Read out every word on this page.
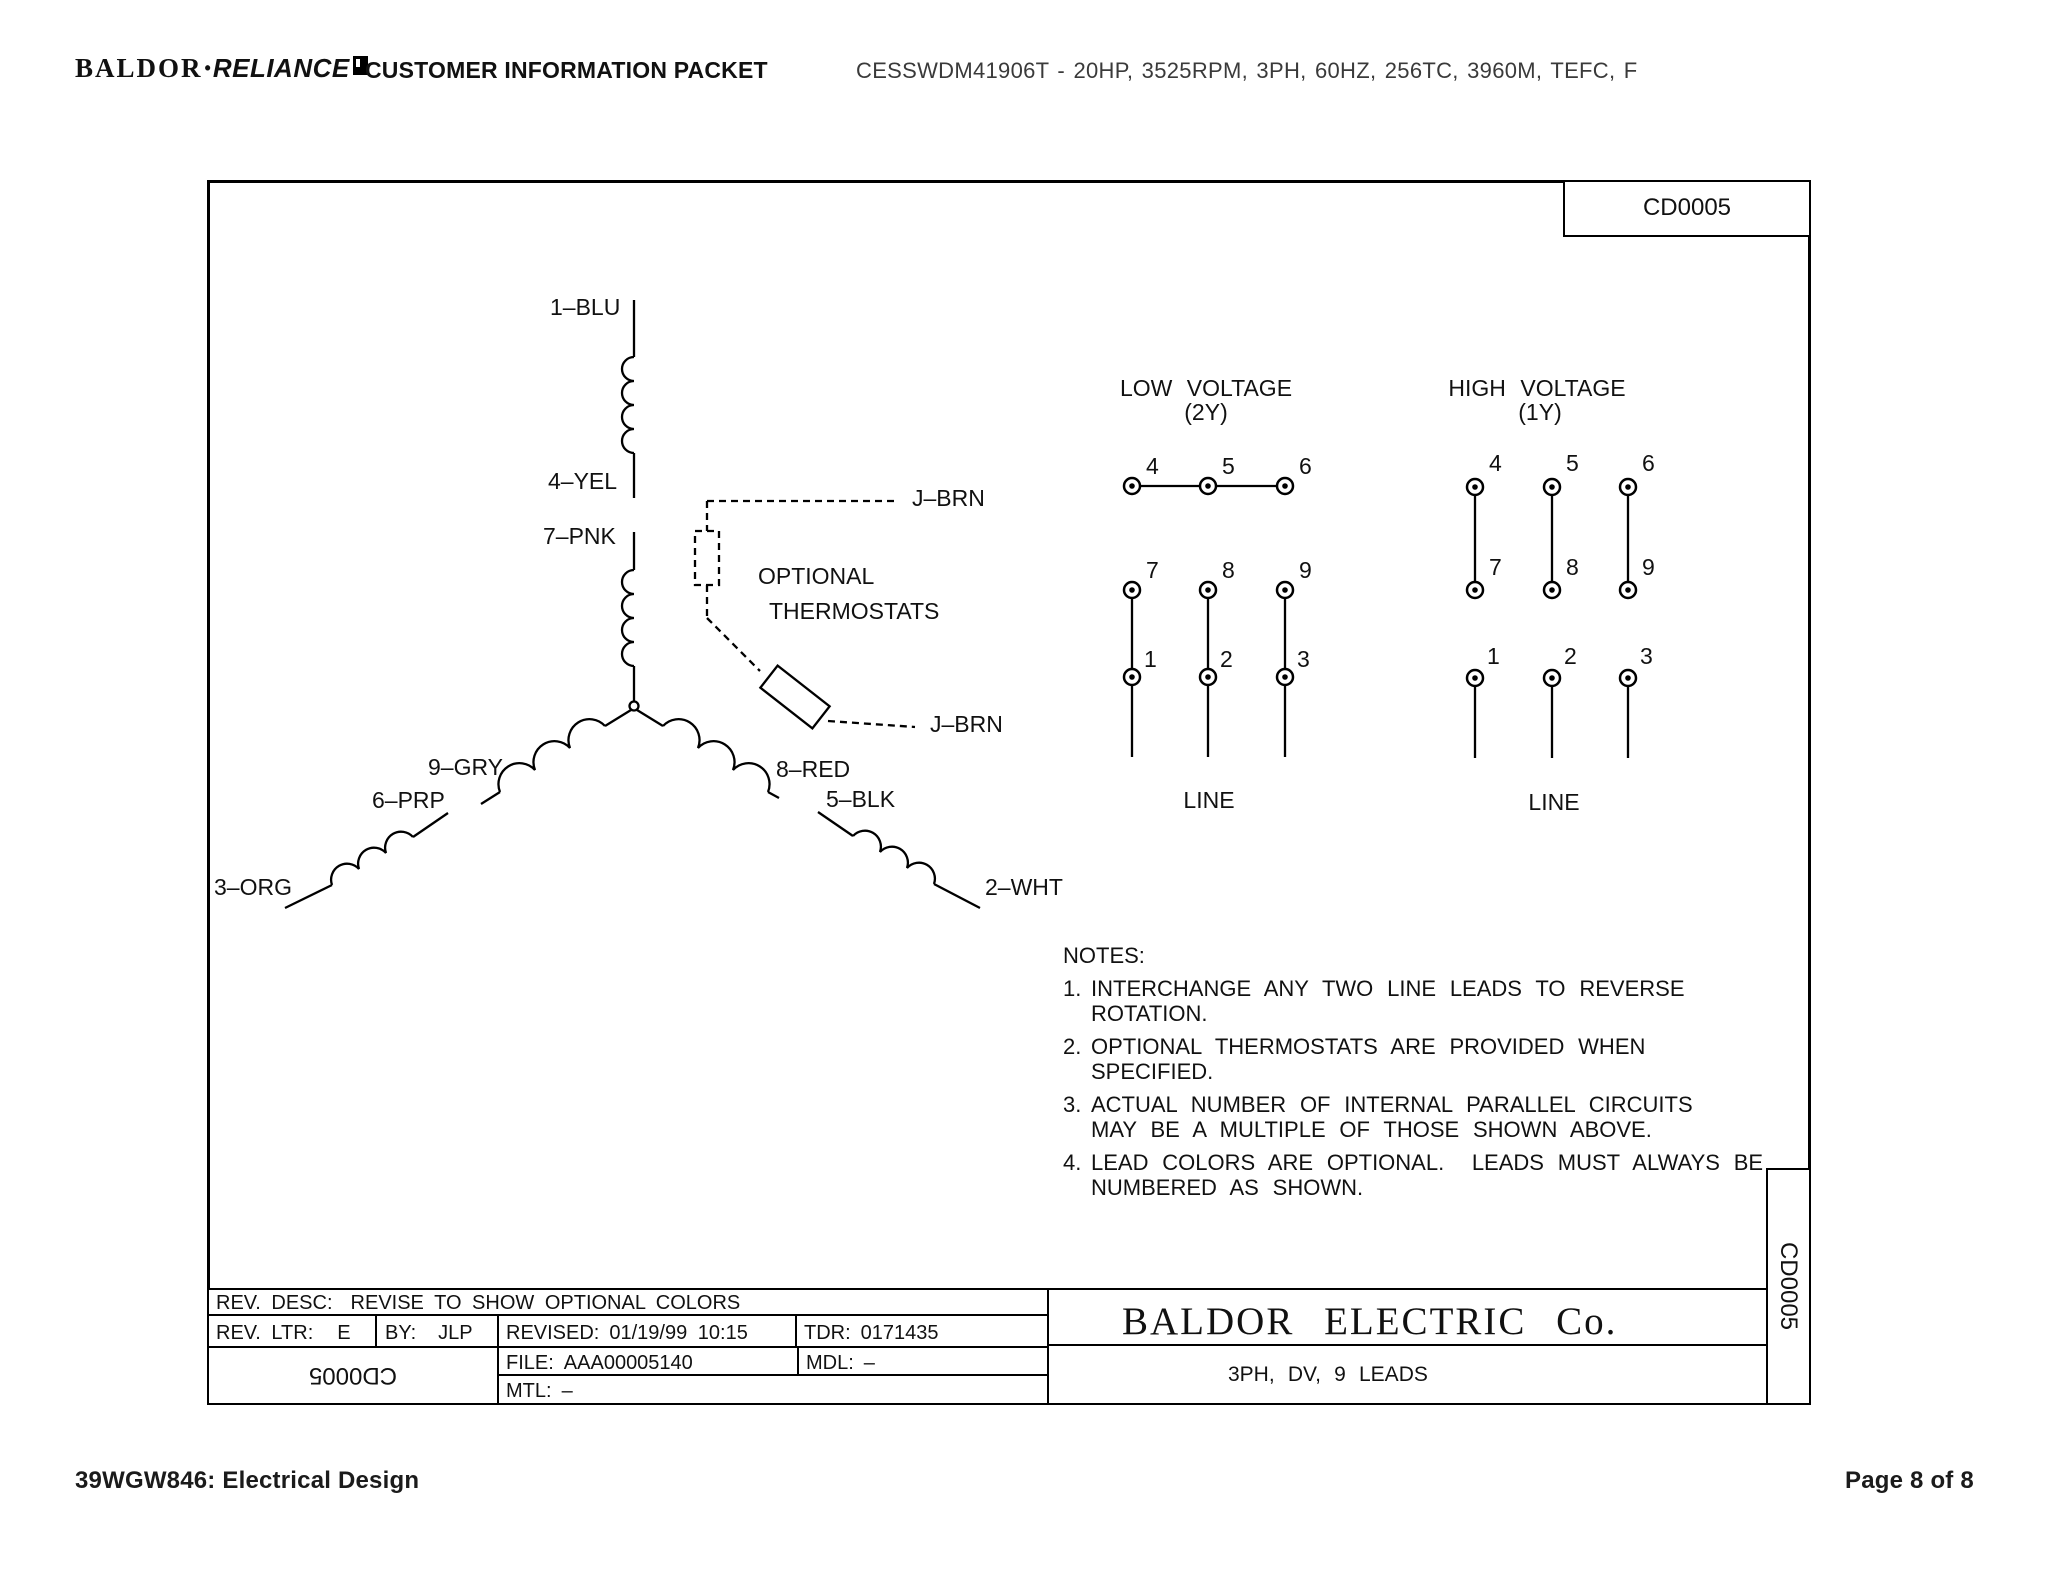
BALDOR •RELIANCE CUSTOMER INFORMATION PACKET	CESSWDM41906T - 20HP, 3525RPM, 3PH, 60HZ, 256TC, 3960M, TEFC, F
CD0005
1–BLU
4–YEL
7–PNK
9–GRY
6–PRP
3–ORG
8–RED
5–BLK
2–WHT
J–BRN
J–BRN
OPTIONAL
THERMOSTATS
LOW VOLTAGE
(2Y)
4	5	6
7	8	9
1	2	3
LINE
HIGH VOLTAGE
(1Y)
4	5	6
7	8	9
1	2	3
LINE
NOTES:
1. INTERCHANGE ANY TWO LINE LEADS TO REVERSE
ROTATION.
2. OPTIONAL THERMOSTATS ARE PROVIDED WHEN
SPECIFIED.
3. ACTUAL NUMBER OF INTERNAL PARALLEL CIRCUITS
MAY BE A MULTIPLE OF THOSE SHOWN ABOVE.
4. LEAD COLORS ARE OPTIONAL.  LEADS MUST ALWAYS BE
NUMBERED AS SHOWN.
REV. DESC: REVISE TO SHOW OPTIONAL COLORS
REV. LTR: E BY: JLP REVISED: 01/19/99 10:15	TDR: 0171435
FILE: AAA00005140	MDL: –
MTL: –
CD0005
BALDOR ELECTRIC Co.
3PH, DV, 9 LEADS
CD0005
39WGW846: Electrical Design	Page 8 of 8
